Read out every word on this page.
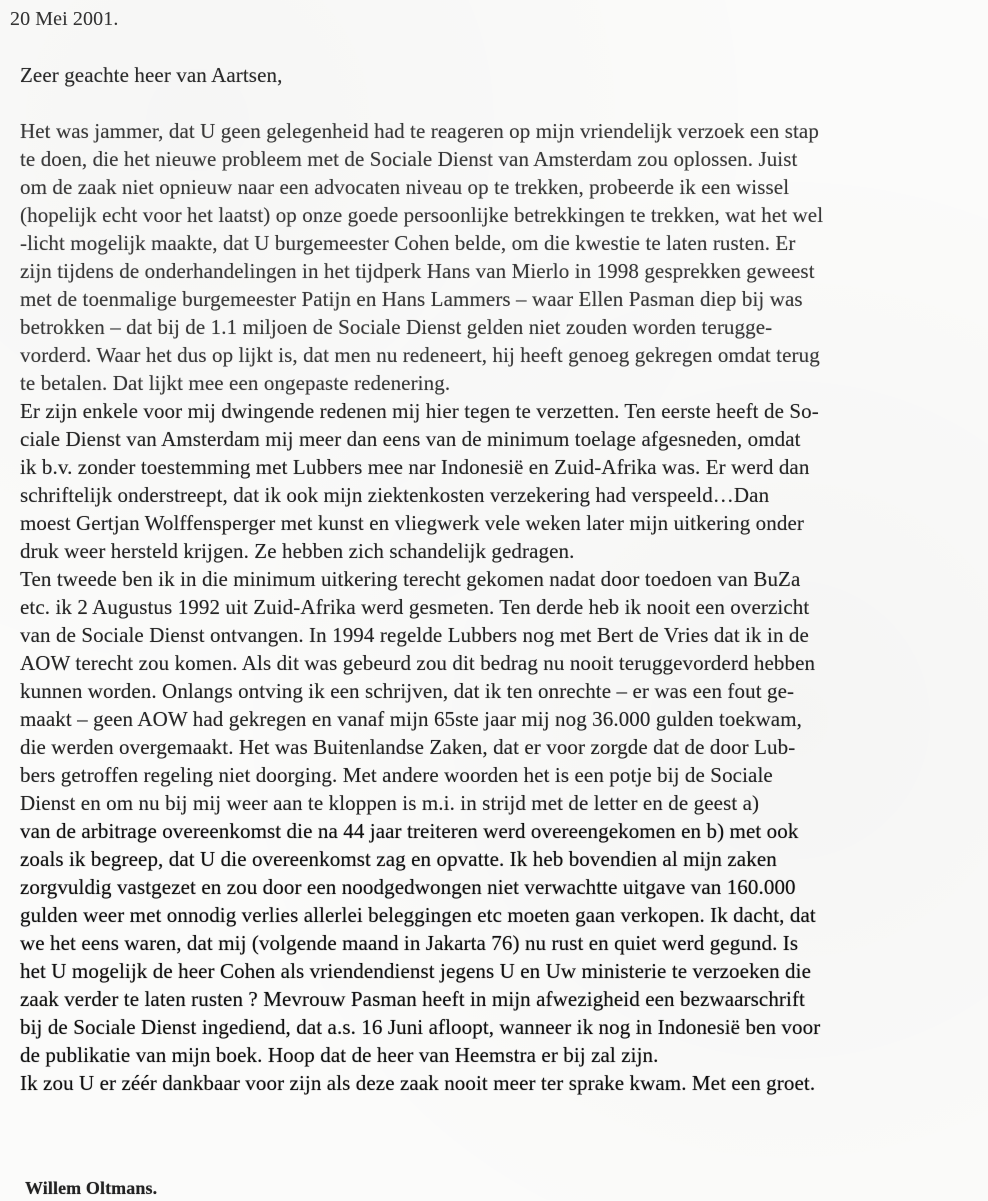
20 Mei 2001.
Zeer geachte heer van Aartsen,
Het was jammer, dat U geen gelegenheid had te reageren op mijn vriendelijk verzoek een stap
te doen, die het nieuwe probleem met de Sociale Dienst van Amsterdam zou oplossen. Juist
om de zaak niet opnieuw naar een advocaten niveau op te trekken, probeerde ik een wissel
(hopelijk echt voor het laatst) op onze goede persoonlijke betrekkingen te trekken, wat het wel
-licht mogelijk maakte, dat U burgemeester Cohen belde, om die kwestie te laten rusten. Er
zijn tijdens de onderhandelingen in het tijdperk Hans van Mierlo in 1998 gesprekken geweest
met de toenmalige burgemeester Patijn en Hans Lammers – waar Ellen Pasman diep bij was
betrokken – dat bij de 1.1 miljoen de Sociale Dienst gelden niet zouden worden terugge-
vorderd. Waar het dus op lijkt is, dat men nu redeneert, hij heeft genoeg gekregen omdat terug
te betalen. Dat lijkt mee een ongepaste redenering.
Er zijn enkele voor mij dwingende redenen mij hier tegen te verzetten. Ten eerste heeft de So-
ciale Dienst van Amsterdam mij meer dan eens van de minimum toelage afgesneden, omdat
ik b.v. zonder toestemming met Lubbers mee nar Indonesië en Zuid-Afrika was. Er werd dan
schriftelijk onderstreept, dat ik ook mijn ziektenkosten verzekering had verspeeld…Dan
moest Gertjan Wolffensperger met kunst en vliegwerk vele weken later mijn uitkering onder
druk weer hersteld krijgen. Ze hebben zich schandelijk gedragen.
Ten tweede ben ik in die minimum uitkering terecht gekomen nadat door toedoen van BuZa
etc. ik 2 Augustus 1992 uit Zuid-Afrika werd gesmeten. Ten derde heb ik nooit een overzicht
van de Sociale Dienst ontvangen. In 1994 regelde Lubbers nog met Bert de Vries dat ik in de
AOW terecht zou komen. Als dit was gebeurd zou dit bedrag nu nooit teruggevorderd hebben
kunnen worden. Onlangs ontving ik een schrijven, dat ik ten onrechte – er was een fout ge-
maakt – geen AOW had gekregen en vanaf mijn 65ste jaar mij nog 36.000 gulden toekwam,
die werden overgemaakt. Het was Buitenlandse Zaken, dat er voor zorgde dat de door Lub-
bers getroffen regeling niet doorging. Met andere woorden het is een potje bij de Sociale
Dienst en om nu bij mij weer aan te kloppen is m.i. in strijd met de letter en de geest a)
van de arbitrage overeenkomst die na 44 jaar treiteren werd overeengekomen en b) met ook
zoals ik begreep, dat U die overeenkomst zag en opvatte. Ik heb bovendien al mijn zaken
zorgvuldig vastgezet en zou door een noodgedwongen niet verwachtte uitgave van 160.000
gulden weer met onnodig verlies allerlei beleggingen etc moeten gaan verkopen. Ik dacht, dat
we het eens waren, dat mij (volgende maand in Jakarta 76) nu rust en quiet werd gegund. Is
het U mogelijk de heer Cohen als vriendendienst jegens U en Uw ministerie te verzoeken die
zaak verder te laten rusten ? Mevrouw Pasman heeft in mijn afwezigheid een bezwaarschrift
bij de Sociale Dienst ingediend, dat a.s. 16 Juni afloopt, wanneer ik nog in Indonesië ben voor
de publikatie van mijn boek. Hoop dat de heer van Heemstra er bij zal zijn.
Ik zou U er zéér dankbaar voor zijn als deze zaak nooit meer ter sprake kwam. Met een groet.
Willem Oltmans.
